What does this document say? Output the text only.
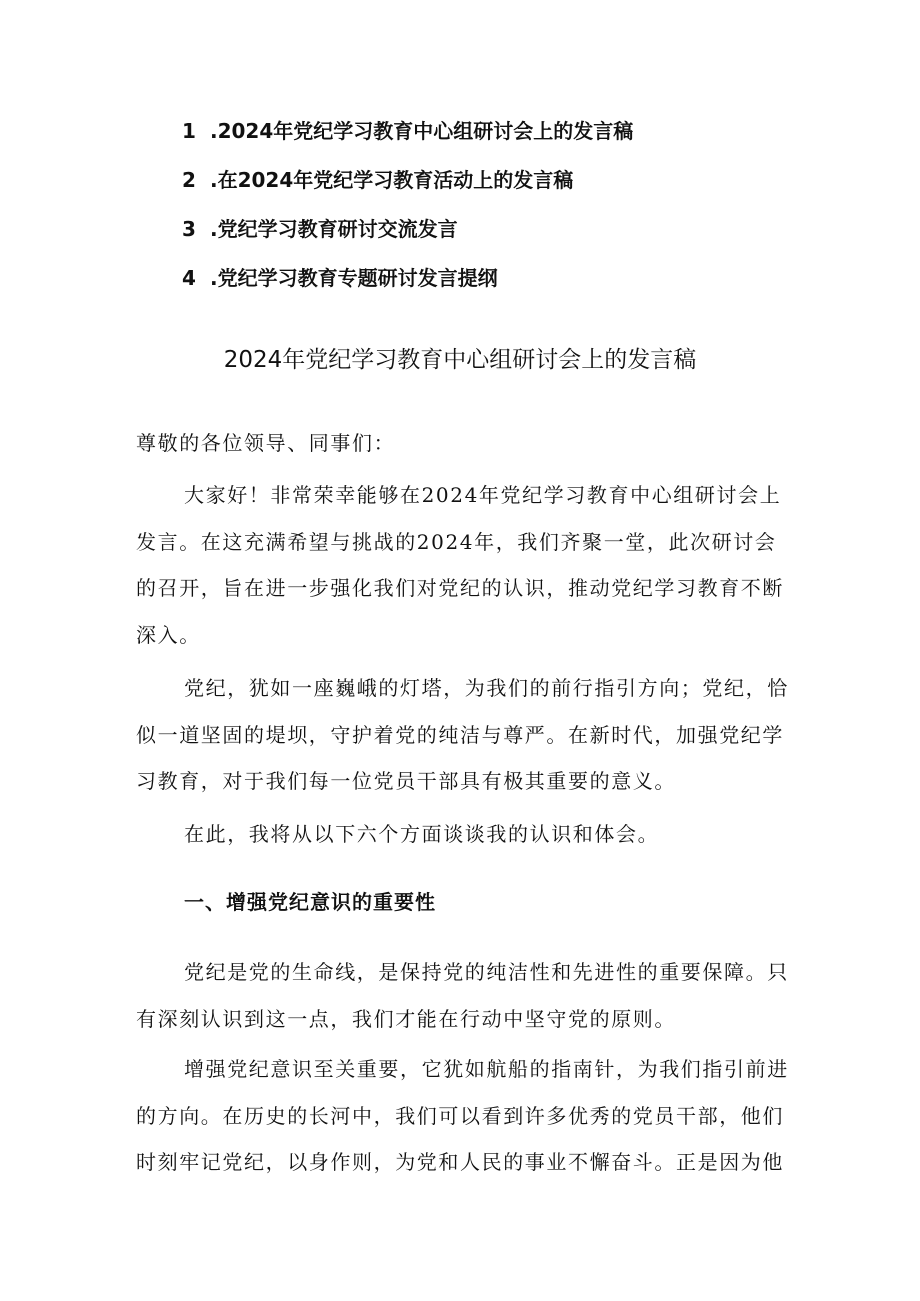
1 .2024年党纪学习教育中心组研讨会上的发言稿
2 .在2024年党纪学习教育活动上的发言稿
3 .党纪学习教育研讨交流发言
4 .党纪学习教育专题研讨发言提纲
2024年党纪学习教育中心组研讨会上的发言稿
尊敬的各位领导、同事们：

大家好！非常荣幸能够在2024年党纪学习教育中心组研讨会上发言。在这充满希望与挑战的2024年，我们齐聚一堂，此次研讨会的召开，旨在进一步强化我们对党纪的认识，推动党纪学习教育不断深入。

党纪，犹如一座巍峨的灯塔，为我们的前行指引方向；党纪，恰似一道坚固的堤坝，守护着党的纯洁与尊严。在新时代，加强党纪学习教育，对于我们每一位党员干部具有极其重要的意义。

在此，我将从以下六个方面谈谈我的认识和体会。

一、增强党纪意识的重要性

党纪是党的生命线，是保持党的纯洁性和先进性的重要保障。只有深刻认识到这一点，我们才能在行动中坚守党的原则。

增强党纪意识至关重要，它犹如航船的指南针，为我们指引前进的方向。在历史的长河中，我们可以看到许多优秀的党员干部，他们时刻牢记党纪，以身作则，为党和人民的事业不懈奋斗。正是因为他
